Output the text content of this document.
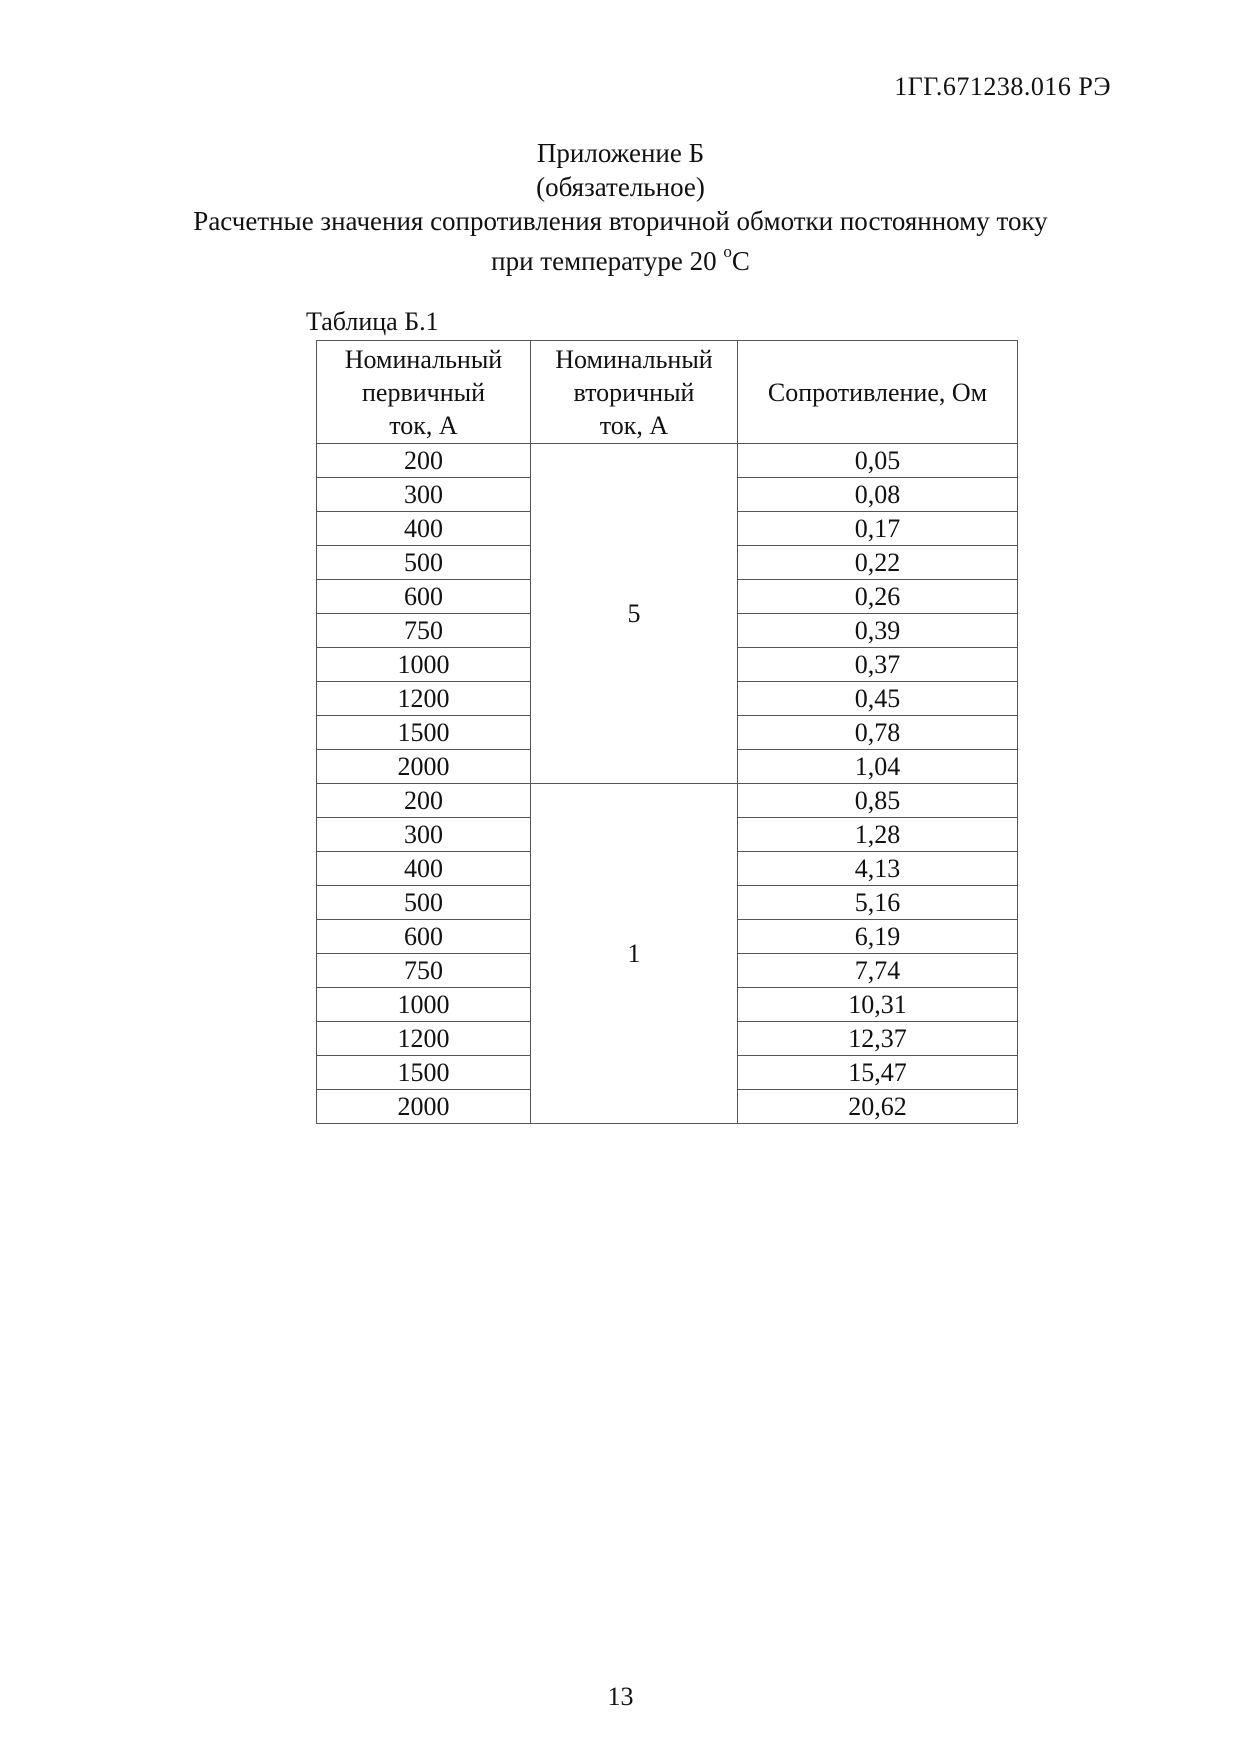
1ГГ.671238.016 РЭ
Приложение Б
(обязательное)
Расчетные значения сопротивления вторичной обмотки постоянному току
при температуре 20 $^о$С
Таблица Б.1
Номинальный
первичный
ток, А	Номинальный
вторичный
ток, А	Сопротивление, Ом
200	5	0,05
300		0,08
400		0,17
500		0,22
600		0,26
750		0,39
1000		0,37
1200		0,45
1500		0,78
2000		1,04
200	1	0,85
300		1,28
400		4,13
500		5,16
600		6,19
750		7,74
1000		10,31
1200		12,37
1500		15,47
2000		20,62
13
